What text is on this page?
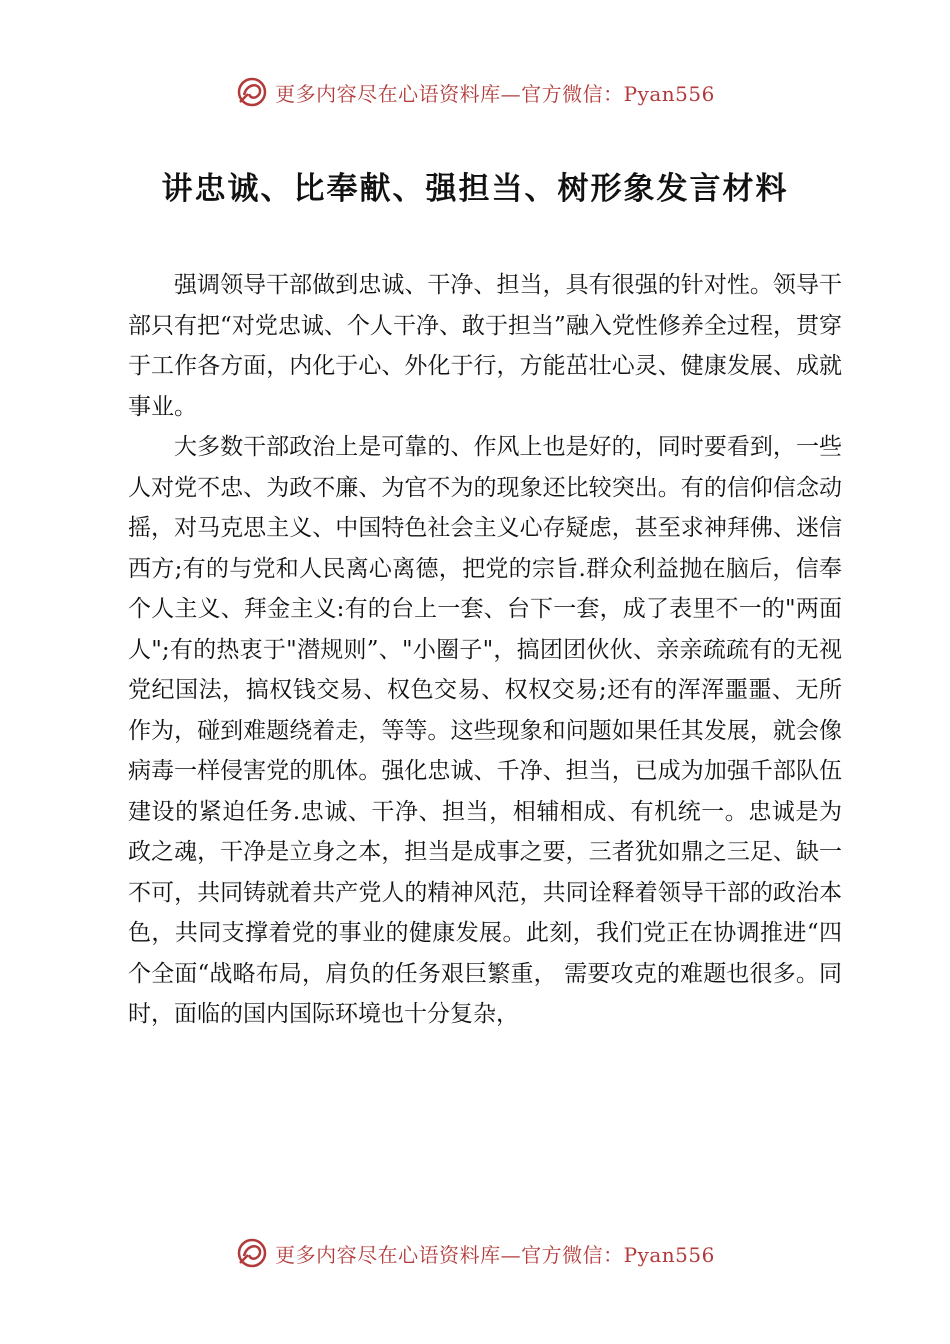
更多内容尽在心语资料库—官方微信：Pyan556
讲忠诚、比奉献、强担当、树形象发言材料

强调领导干部做到忠诚、干净、担当，具有很强的针对性。领导干部只有把“对党忠诚、个人干净、敢于担当”融入党性修养全过程，贯穿于工作各方面，内化于心、外化于行，方能茁壮心灵、健康发展、成就事业。

大多数干部政治上是可靠的、作风上也是好的，同时要看到，一些人对党不忠、为政不廉、为官不为的现象还比较突出。有的信仰信念动摇，对马克思主义、中国特色社会主义心存疑虑，甚至求神拜佛、迷信西方;有的与党和人民离心离德，把党的宗旨.群众利益抛在脑后，信奉个人主义、拜金主义:有的台上一套、台下一套，成了表里不一的"两面人";有的热衷于"潜规则”、"小圈子"，搞团团伙伙、亲亲疏疏有的无视党纪国法，搞权钱交易、权色交易、权权交易;还有的浑浑噩噩、无所作为，碰到难题绕着走，等等。这些现象和问题如果任其发展，就会像病毒一样侵害党的肌体。强化忠诚、千净、担当，已成为加强千部队伍建设的紧迫任务.忠诚、干净、担当，相辅相成、有机统一。忠诚是为政之魂，干净是立身之本，担当是成事之要，三者犹如鼎之三足、缺一不可，共同铸就着共产党人的精神风范，共同诠释着领导干部的政治本色，共同支撑着党的事业的健康发展。此刻，我们党正在协调推进“四个全面“战略布局，肩负的任务艰巨繁重， 需要攻克的难题也很多。同时，面临的国内国际环境也十分复杂，

更多内容尽在心语资料库—官方微信：Pyan556
